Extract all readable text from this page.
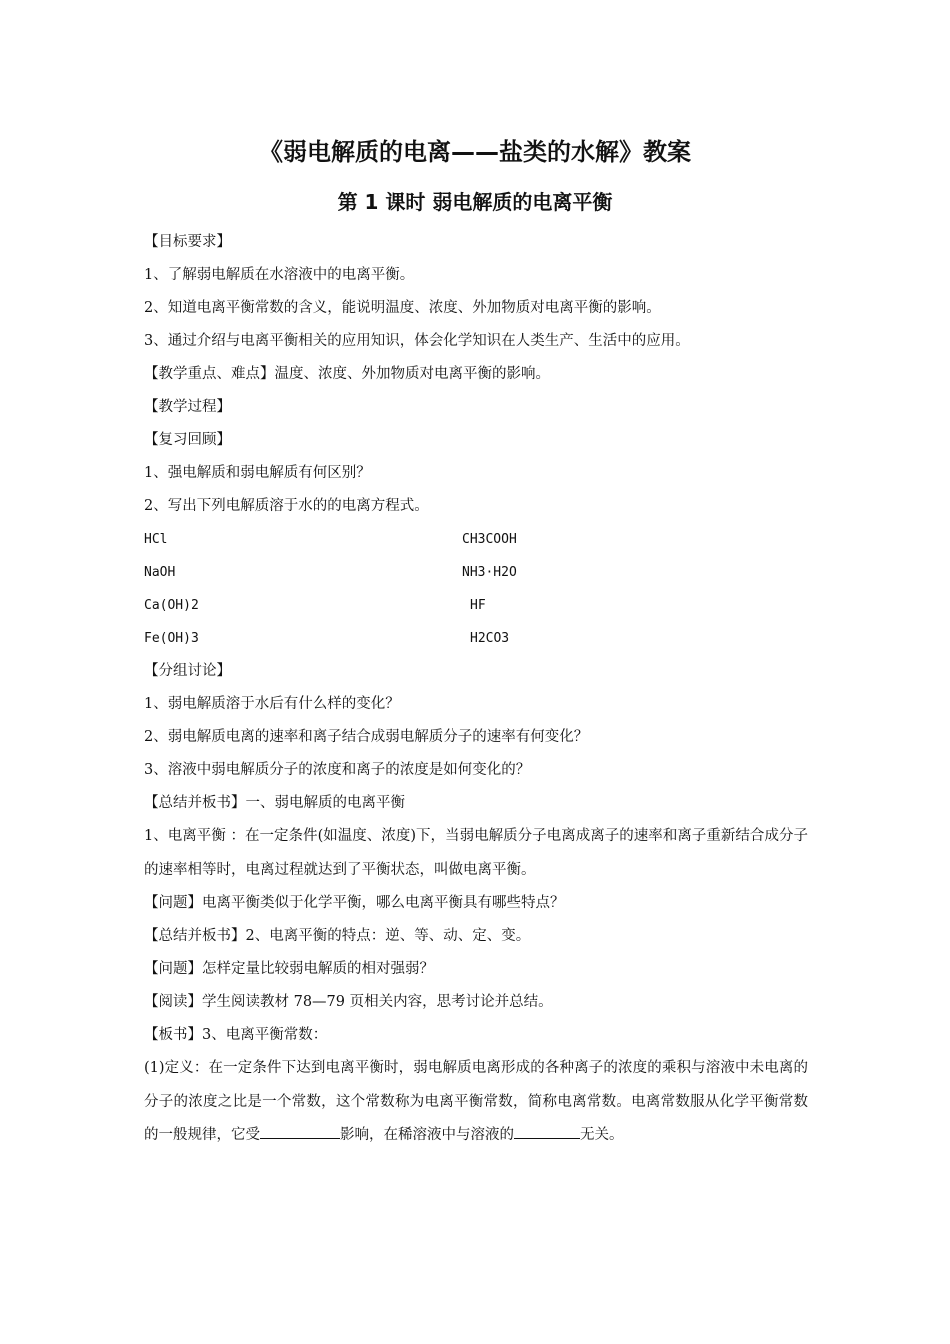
《弱电解质的电离——盐类的水解》教案
第 1 课时 弱电解质的电离平衡
【目标要求】
1、了解弱电解质在水溶液中的电离平衡。
2、知道电离平衡常数的含义，能说明温度、浓度、外加物质对电离平衡的影响。
3、通过介绍与电离平衡相关的应用知识，体会化学知识在人类生产、生活中的应用。
【教学重点、难点】温度、浓度、外加物质对电离平衡的影响。
【教学过程】
【复习回顾】
1、强电解质和弱电解质有何区别？
2、写出下列电解质溶于水的的电离方程式。
HCl	CH3COOH
NaOH	NH3·H2O
Ca(OH)2	HF
Fe(OH)3	H2CO3
【分组讨论】
1、弱电解质溶于水后有什么样的变化？
2、弱电解质电离的速率和离子结合成弱电解质分子的速率有何变化？
3、溶液中弱电解质分子的浓度和离子的浓度是如何变化的？
【总结并板书】一、弱电解质的电离平衡
1、电离平衡 ：在一定条件(如温度、浓度)下，当弱电解质分子电离成离子的速率和离子重新结合成分子的速率相等时，电离过程就达到了平衡状态，叫做电离平衡。
【问题】电离平衡类似于化学平衡，哪么电离平衡具有哪些特点？
【总结并板书】2、电离平衡的特点：逆、等、动、定、变。
【问题】怎样定量比较弱电解质的相对强弱？
【阅读】学生阅读教材 78—79 页相关内容，思考讨论并总结。
【板书】3、电离平衡常数：
(1)定义：在一定条件下达到电离平衡时，弱电解质电离形成的各种离子的浓度的乘积与溶液中未电离的分子的浓度之比是一个常数，这个常数称为电离平衡常数，简称电离常数。电离常数服从化学平衡常数的一般规律，它受	影响，在稀溶液中与溶液的	无关。
